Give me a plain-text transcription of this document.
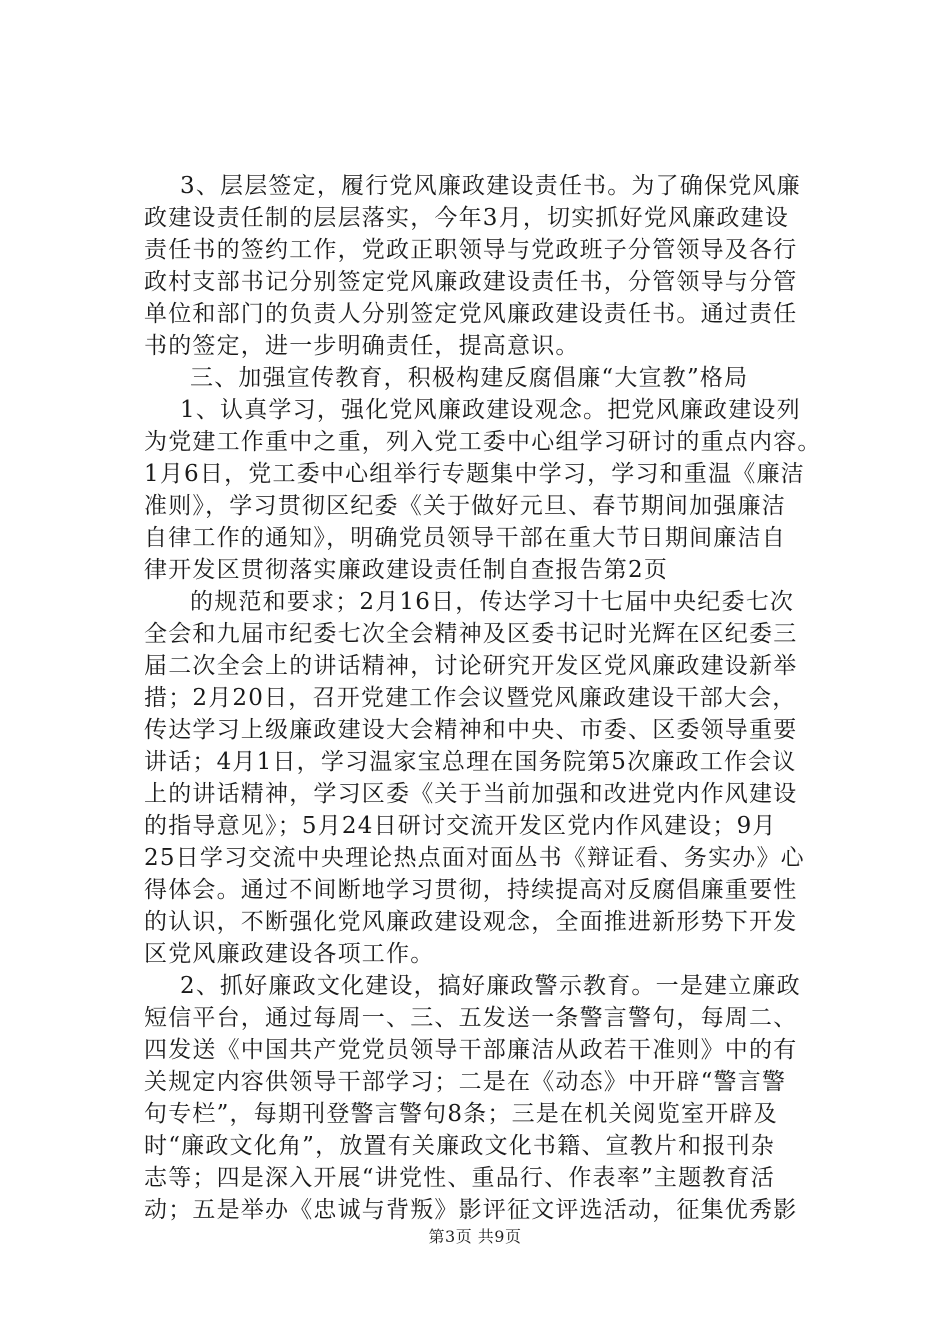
3、层层签定，履行党风廉政建设责任书。为了确保党风廉
政建设责任制的层层落实，今年3月，切实抓好党风廉政建设
责任书的签约工作，党政正职领导与党政班子分管领导及各行
政村支部书记分别签定党风廉政建设责任书，分管领导与分管
单位和部门的负责人分别签定党风廉政建设责任书。通过责任
书的签定，进一步明确责任，提高意识。
三、加强宣传教育，积极构建反腐倡廉“大宣教”格局
1、认真学习，强化党风廉政建设观念。把党风廉政建设列
为党建工作重中之重，列入党工委中心组学习研讨的重点内容。
1月6日，党工委中心组举行专题集中学习，学习和重温《廉洁
准则》，学习贯彻区纪委《关于做好元旦、春节期间加强廉洁
自律工作的通知》，明确党员领导干部在重大节日期间廉洁自
律开发区贯彻落实廉政建设责任制自查报告第2页
的规范和要求；2月16日，传达学习十七届中央纪委七次
全会和九届市纪委七次全会精神及区委书记时光辉在区纪委三
届二次全会上的讲话精神，讨论研究开发区党风廉政建设新举
措；2月20日，召开党建工作会议暨党风廉政建设干部大会，
传达学习上级廉政建设大会精神和中央、市委、区委领导重要
讲话；4月1日，学习温家宝总理在国务院第5次廉政工作会议
上的讲话精神，学习区委《关于当前加强和改进党内作风建设
的指导意见》；5月24日研讨交流开发区党内作风建设；9月
25日学习交流中央理论热点面对面丛书《辩证看、务实办》心
得体会。通过不间断地学习贯彻，持续提高对反腐倡廉重要性
的认识，不断强化党风廉政建设观念，全面推进新形势下开发
区党风廉政建设各项工作。
2、抓好廉政文化建设，搞好廉政警示教育。一是建立廉政
短信平台，通过每周一、三、五发送一条警言警句，每周二、
四发送《中国共产党党员领导干部廉洁从政若干准则》中的有
关规定内容供领导干部学习；二是在《动态》中开辟“警言警
句专栏”，每期刊登警言警句8条；三是在机关阅览室开辟及
时“廉政文化角”，放置有关廉政文化书籍、宣教片和报刊杂
志等；四是深入开展“讲党性、重品行、作表率”主题教育活
动；五是举办《忠诚与背叛》影评征文评选活动，征集优秀影
第3页 共9页
